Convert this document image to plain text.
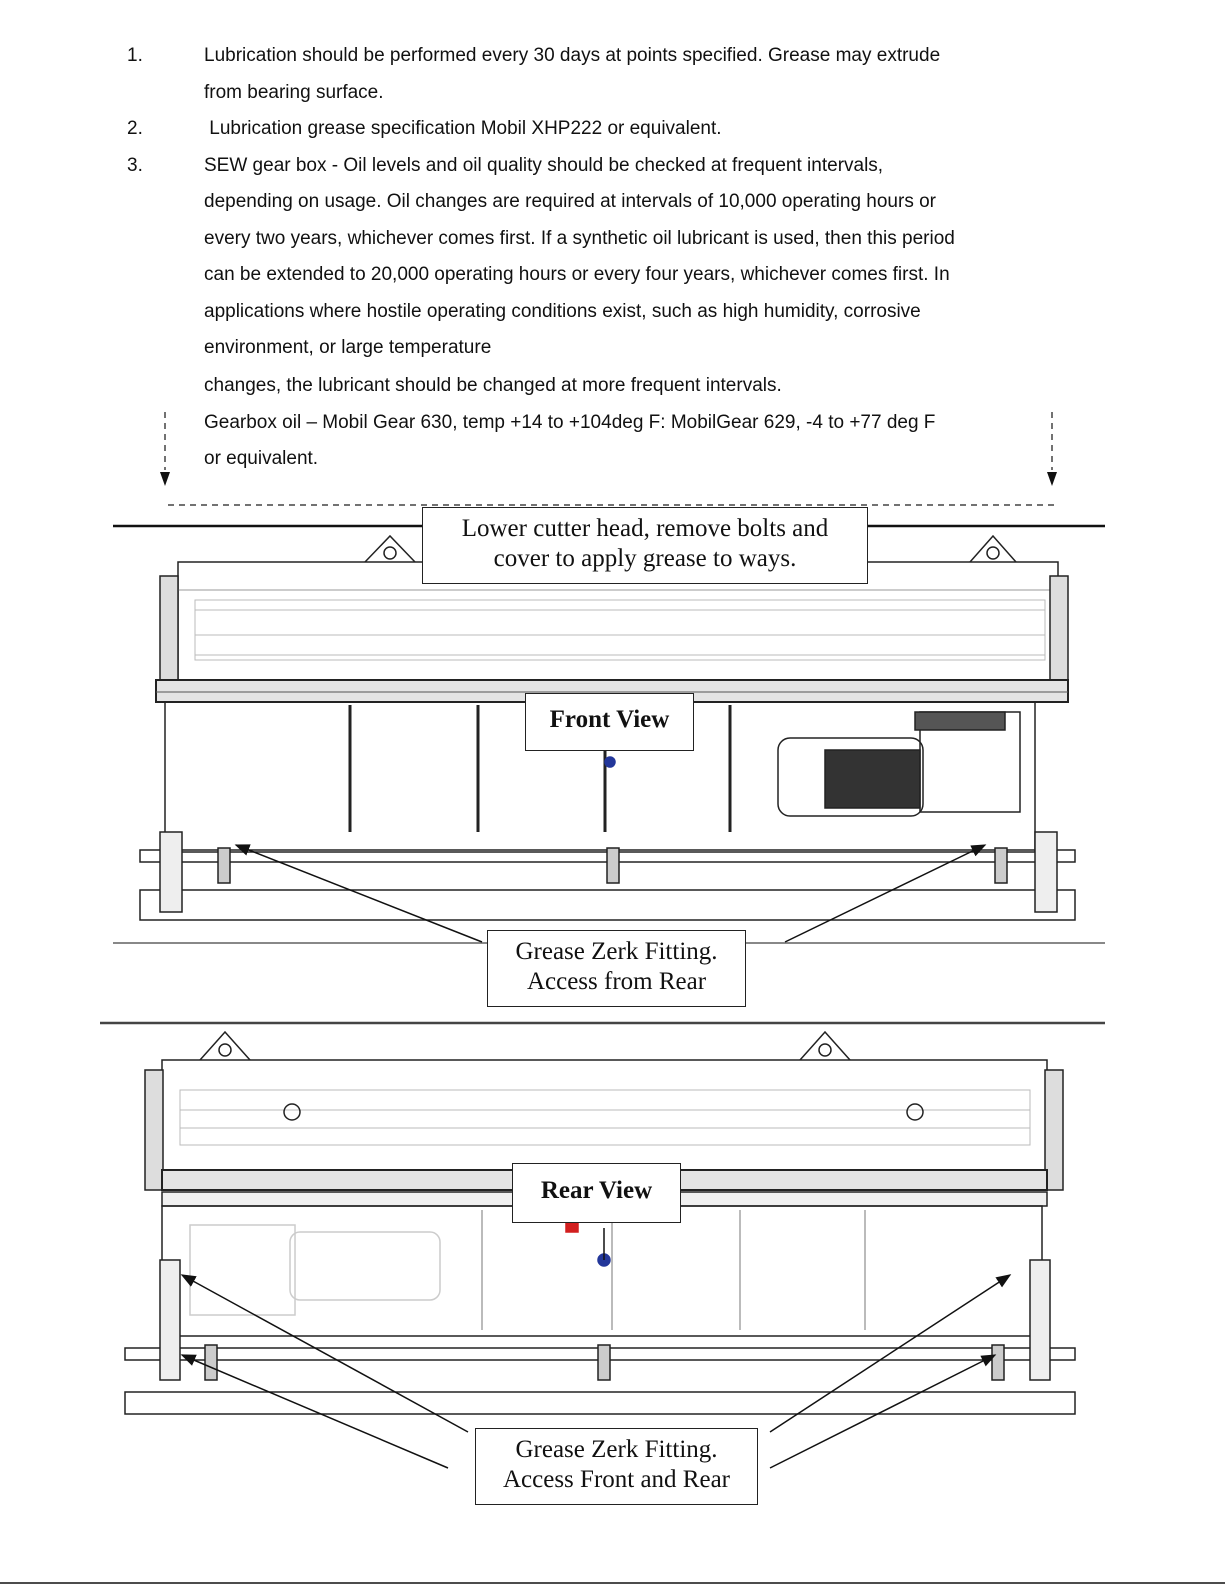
1.	Lubrication should be performed every 30 days at points specified. Grease may extrude
from bearing surface.
2.	Lubrication grease specification Mobil XHP222 or equivalent.
3.	SEW gear box - Oil levels and oil quality should be checked at frequent intervals,
depending on usage. Oil changes are required at intervals of 10,000 operating hours or
every two years, whichever comes first. If a synthetic oil lubricant is used, then this period
can be extended to 20,000 operating hours or every four years, whichever comes first. In
applications where hostile operating conditions exist, such as high humidity, corrosive
environment, or large temperature
changes, the lubricant should be changed at more frequent intervals.
Gearbox oil – Mobil Gear 630, temp +14 to +104deg F: MobilGear 629, -4 to +77 deg F
or equivalent.
Lower cutter head, remove bolts and
cover to apply grease to ways.
Front View
Grease Zerk Fitting.
Access from Rear
Rear View
Grease Zerk Fitting.
Access Front and Rear
